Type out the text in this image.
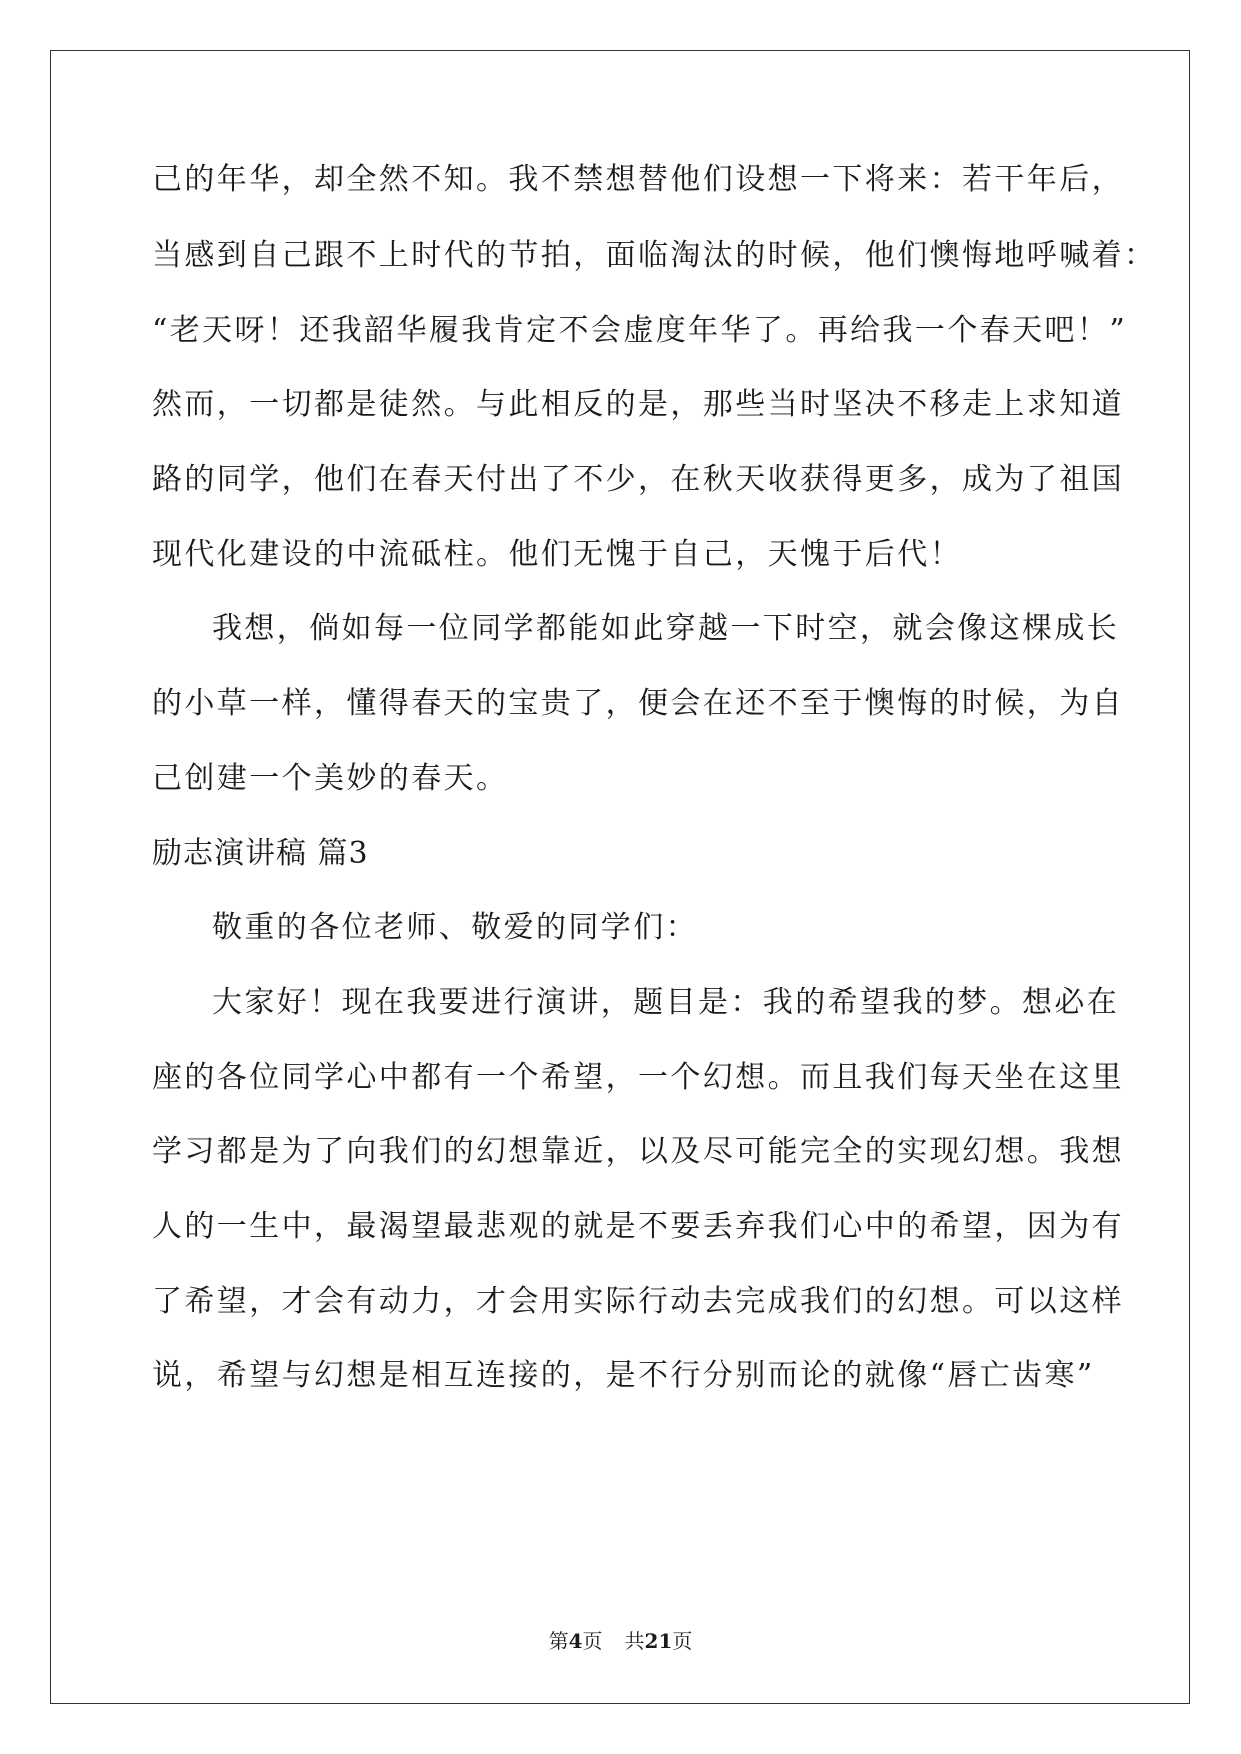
己的年华，却全然不知。我不禁想替他们设想一下将来：若干年后，
当感到自己跟不上时代的节拍，面临淘汰的时候，他们懊悔地呼喊着：
“老天呀！还我韶华履我肯定不会虚度年华了。再给我一个春天吧！”
然而，一切都是徒然。与此相反的是，那些当时坚决不移走上求知道
路的同学，他们在春天付出了不少，在秋天收获得更多，成为了祖国
现代化建设的中流砥柱。他们无愧于自己，天愧于后代！
我想，倘如每一位同学都能如此穿越一下时空，就会像这棵成长
的小草一样，懂得春天的宝贵了，便会在还不至于懊悔的时候，为自
己创建一个美妙的春天。
励志演讲稿 篇3
敬重的各位老师、敬爱的同学们：
大家好！现在我要进行演讲，题目是：我的希望我的梦。想必在
座的各位同学心中都有一个希望，一个幻想。而且我们每天坐在这里
学习都是为了向我们的幻想靠近，以及尽可能完全的实现幻想。我想
人的一生中，最渴望最悲观的就是不要丢弃我们心中的希望，因为有
了希望，才会有动力，才会用实际行动去完成我们的幻想。可以这样
说，希望与幻想是相互连接的，是不行分别而论的就像“唇亡齿寒”
第4页 共21页
